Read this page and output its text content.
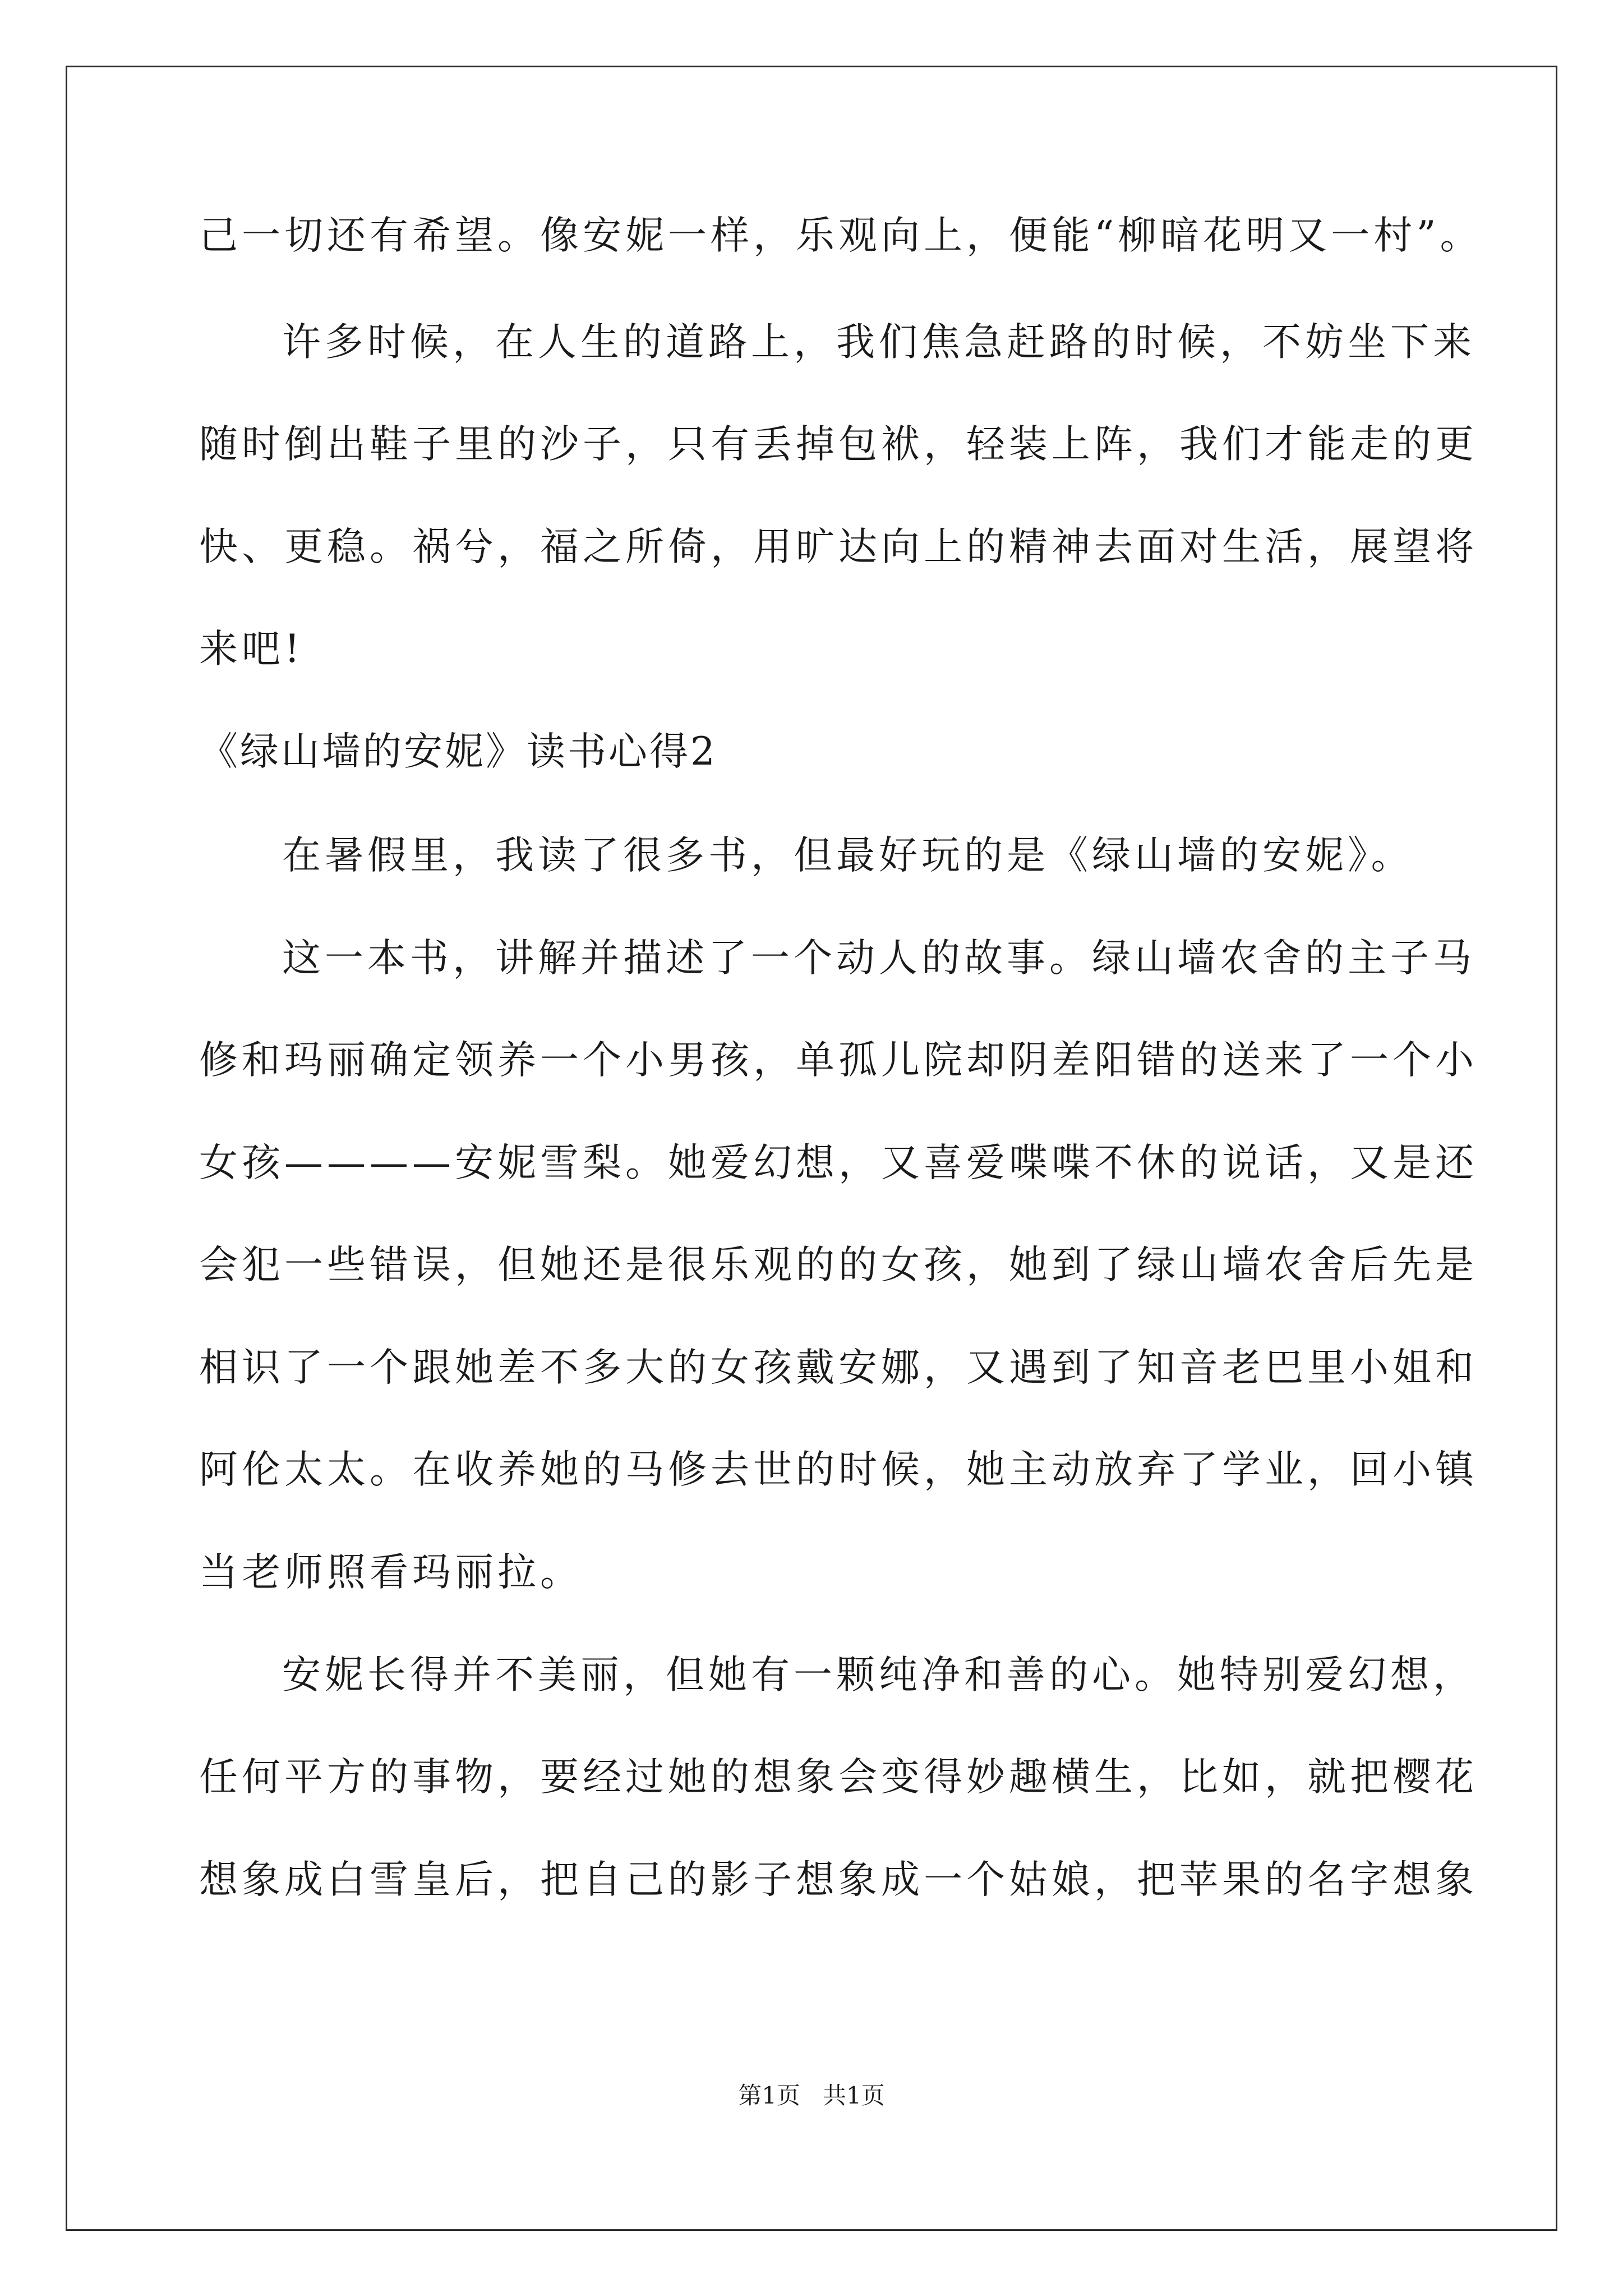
己一切还有希望。像安妮一样，乐观向上，便能“柳暗花明又一村”。
许多时候，在人生的道路上，我们焦急赶路的时候，不妨坐下来
随时倒出鞋子里的沙子，只有丢掉包袱，轻装上阵，我们才能走的更
快、更稳。祸兮，福之所倚，用旷达向上的精神去面对生活，展望将
来吧!
《绿山墙的安妮》读书心得2
在暑假里，我读了很多书，但最好玩的是《绿山墙的安妮》。
这一本书，讲解并描述了一个动人的故事。绿山墙农舍的主子马
修和玛丽确定领养一个小男孩，单孤儿院却阴差阳错的送来了一个小
女孩————安妮雪梨。她爱幻想，又喜爱喋喋不休的说话，又是还
会犯一些错误，但她还是很乐观的的女孩，她到了绿山墙农舍后先是
相识了一个跟她差不多大的女孩戴安娜，又遇到了知音老巴里小姐和
阿伦太太。在收养她的马修去世的时候，她主动放弃了学业，回小镇
当老师照看玛丽拉。
安妮长得并不美丽，但她有一颗纯净和善的心。她特别爱幻想，
任何平方的事物，要经过她的想象会变得妙趣横生，比如，就把樱花
想象成白雪皇后，把自己的影子想象成一个姑娘，把苹果的名字想象
第1页   共1页
